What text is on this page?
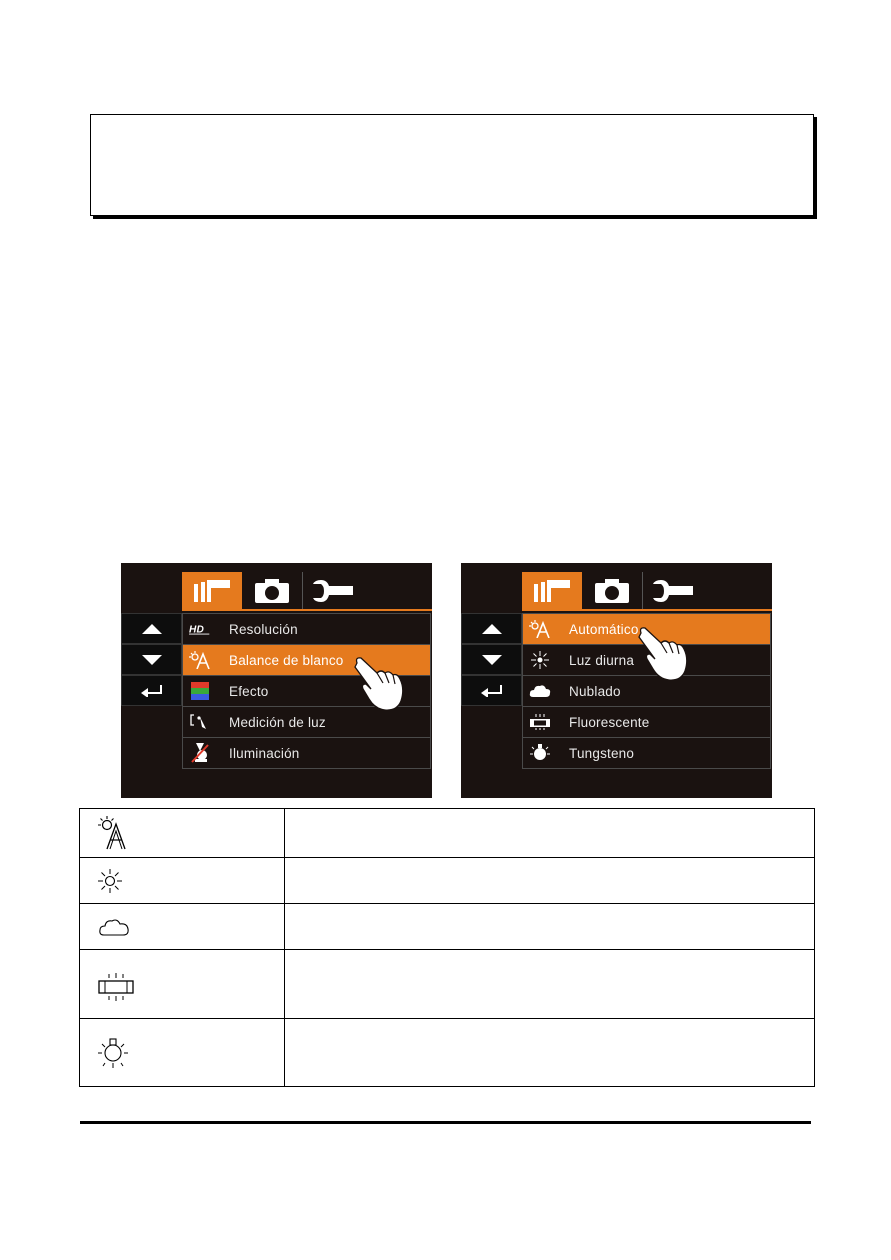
HD Resolución
Balance de blanco
Efecto
Medición de luz
Iluminación
Automático
Luz diurna
Nublado
Fluorescente
Tungsteno
